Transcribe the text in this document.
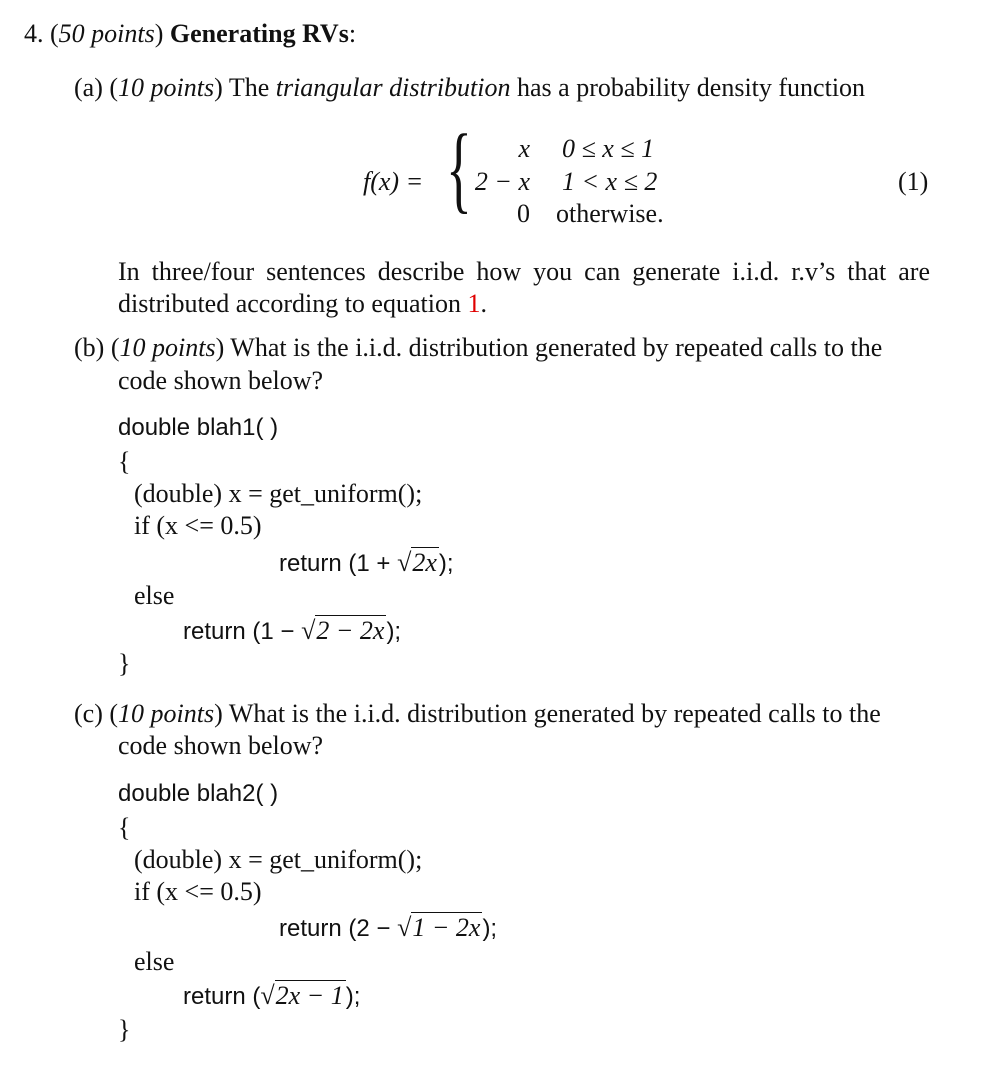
4. (50 points) Generating RVs:
(a) (10 points) The triangular distribution has a probability density function
f(x) = {	x 0 ≤ x ≤ 1
2 − x 1 < x ≤ 2
0 otherwise.
(1)
In three/four sentences describe how you can generate i.i.d. r.v’s that are
distributed according to equation 1.
(b) (10 points) What is the i.i.d. distribution generated by repeated calls to the
code shown below?
double blah1( )
{
(double) x = get_uniform();
if (x <= 0.5)
return (1 + √2x);
else
return (1 − √2 − 2x);
}
(c) (10 points) What is the i.i.d. distribution generated by repeated calls to the
code shown below?
double blah2( )
{
(double) x = get_uniform();
if (x <= 0.5)
return (2 − √1 − 2x);
else
return (√2x − 1);
}
